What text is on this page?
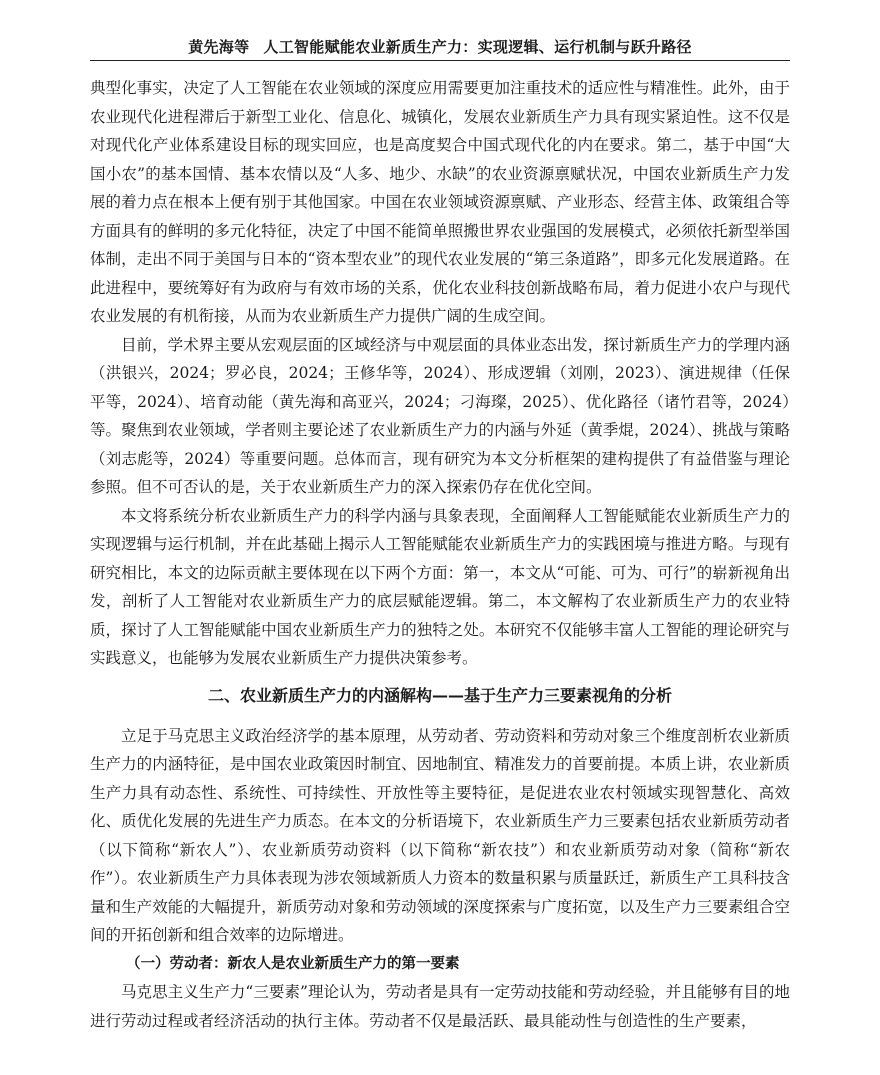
黄先海等 人工智能赋能农业新质生产力：实现逻辑、运行机制与跃升路径

典型化事实，决定了人工智能在农业领域的深度应用需要更加注重技术的适应性与精准性。此外，由于农业现代化进程滞后于新型工业化、信息化、城镇化，发展农业新质生产力具有现实紧迫性。这不仅是对现代化产业体系建设目标的现实回应，也是高度契合中国式现代化的内在要求。第二，基于中国“大国小农”的基本国情、基本农情以及“人多、地少、水缺”的农业资源禀赋状况，中国农业新质生产力发展的着力点在根本上便有别于其他国家。中国在农业领域资源禀赋、产业形态、经营主体、政策组合等方面具有的鲜明的多元化特征，决定了中国不能简单照搬世界农业强国的发展模式，必须依托新型举国体制，走出不同于美国与日本的“资本型农业”的现代农业发展的“第三条道路”，即多元化发展道路。在此进程中，要统筹好有为政府与有效市场的关系，优化农业科技创新战略布局，着力促进小农户与现代农业发展的有机衔接，从而为农业新质生产力提供广阔的生成空间。

目前，学术界主要从宏观层面的区域经济与中观层面的具体业态出发，探讨新质生产力的学理内涵（洪银兴，2024；罗必良，2024；王修华等，2024）、形成逻辑（刘刚，2023）、演进规律（任保平等，2024）、培育动能（黄先海和高亚兴，2024；刁海璨，2025）、优化路径（诸竹君等，2024）等。聚焦到农业领域，学者则主要论述了农业新质生产力的内涵与外延（黄季焜，2024）、挑战与策略（刘志彪等，2024）等重要问题。总体而言，现有研究为本文分析框架的建构提供了有益借鉴与理论参照。但不可否认的是，关于农业新质生产力的深入探索仍存在优化空间。

本文将系统分析农业新质生产力的科学内涵与具象表现，全面阐释人工智能赋能农业新质生产力的实现逻辑与运行机制，并在此基础上揭示人工智能赋能农业新质生产力的实践困境与推进方略。与现有研究相比，本文的边际贡献主要体现在以下两个方面：第一，本文从“可能、可为、可行”的崭新视角出发，剖析了人工智能对农业新质生产力的底层赋能逻辑。第二，本文解构了农业新质生产力的农业特质，探讨了人工智能赋能中国农业新质生产力的独特之处。本研究不仅能够丰富人工智能的理论研究与实践意义，也能够为发展农业新质生产力提供决策参考。

二、农业新质生产力的内涵解构——基于生产力三要素视角的分析

立足于马克思主义政治经济学的基本原理，从劳动者、劳动资料和劳动对象三个维度剖析农业新质生产力的内涵特征，是中国农业政策因时制宜、因地制宜、精准发力的首要前提。本质上讲，农业新质生产力具有动态性、系统性、可持续性、开放性等主要特征，是促进农业农村领域实现智慧化、高效化、质优化发展的先进生产力质态。在本文的分析语境下，农业新质生产力三要素包括农业新质劳动者（以下简称“新农人”）、农业新质劳动资料（以下简称“新农技”）和农业新质劳动对象（简称“新农作”）。农业新质生产力具体表现为涉农领域新质人力资本的数量积累与质量跃迁，新质生产工具科技含量和生产效能的大幅提升，新质劳动对象和劳动领域的深度探索与广度拓宽，以及生产力三要素组合空间的开拓创新和组合效率的边际增进。

（一）劳动者：新农人是农业新质生产力的第一要素

马克思主义生产力“三要素”理论认为，劳动者是具有一定劳动技能和劳动经验，并且能够有目的地进行劳动过程或者经济活动的执行主体。劳动者不仅是最活跃、最具能动性与创造性的生产要素，
